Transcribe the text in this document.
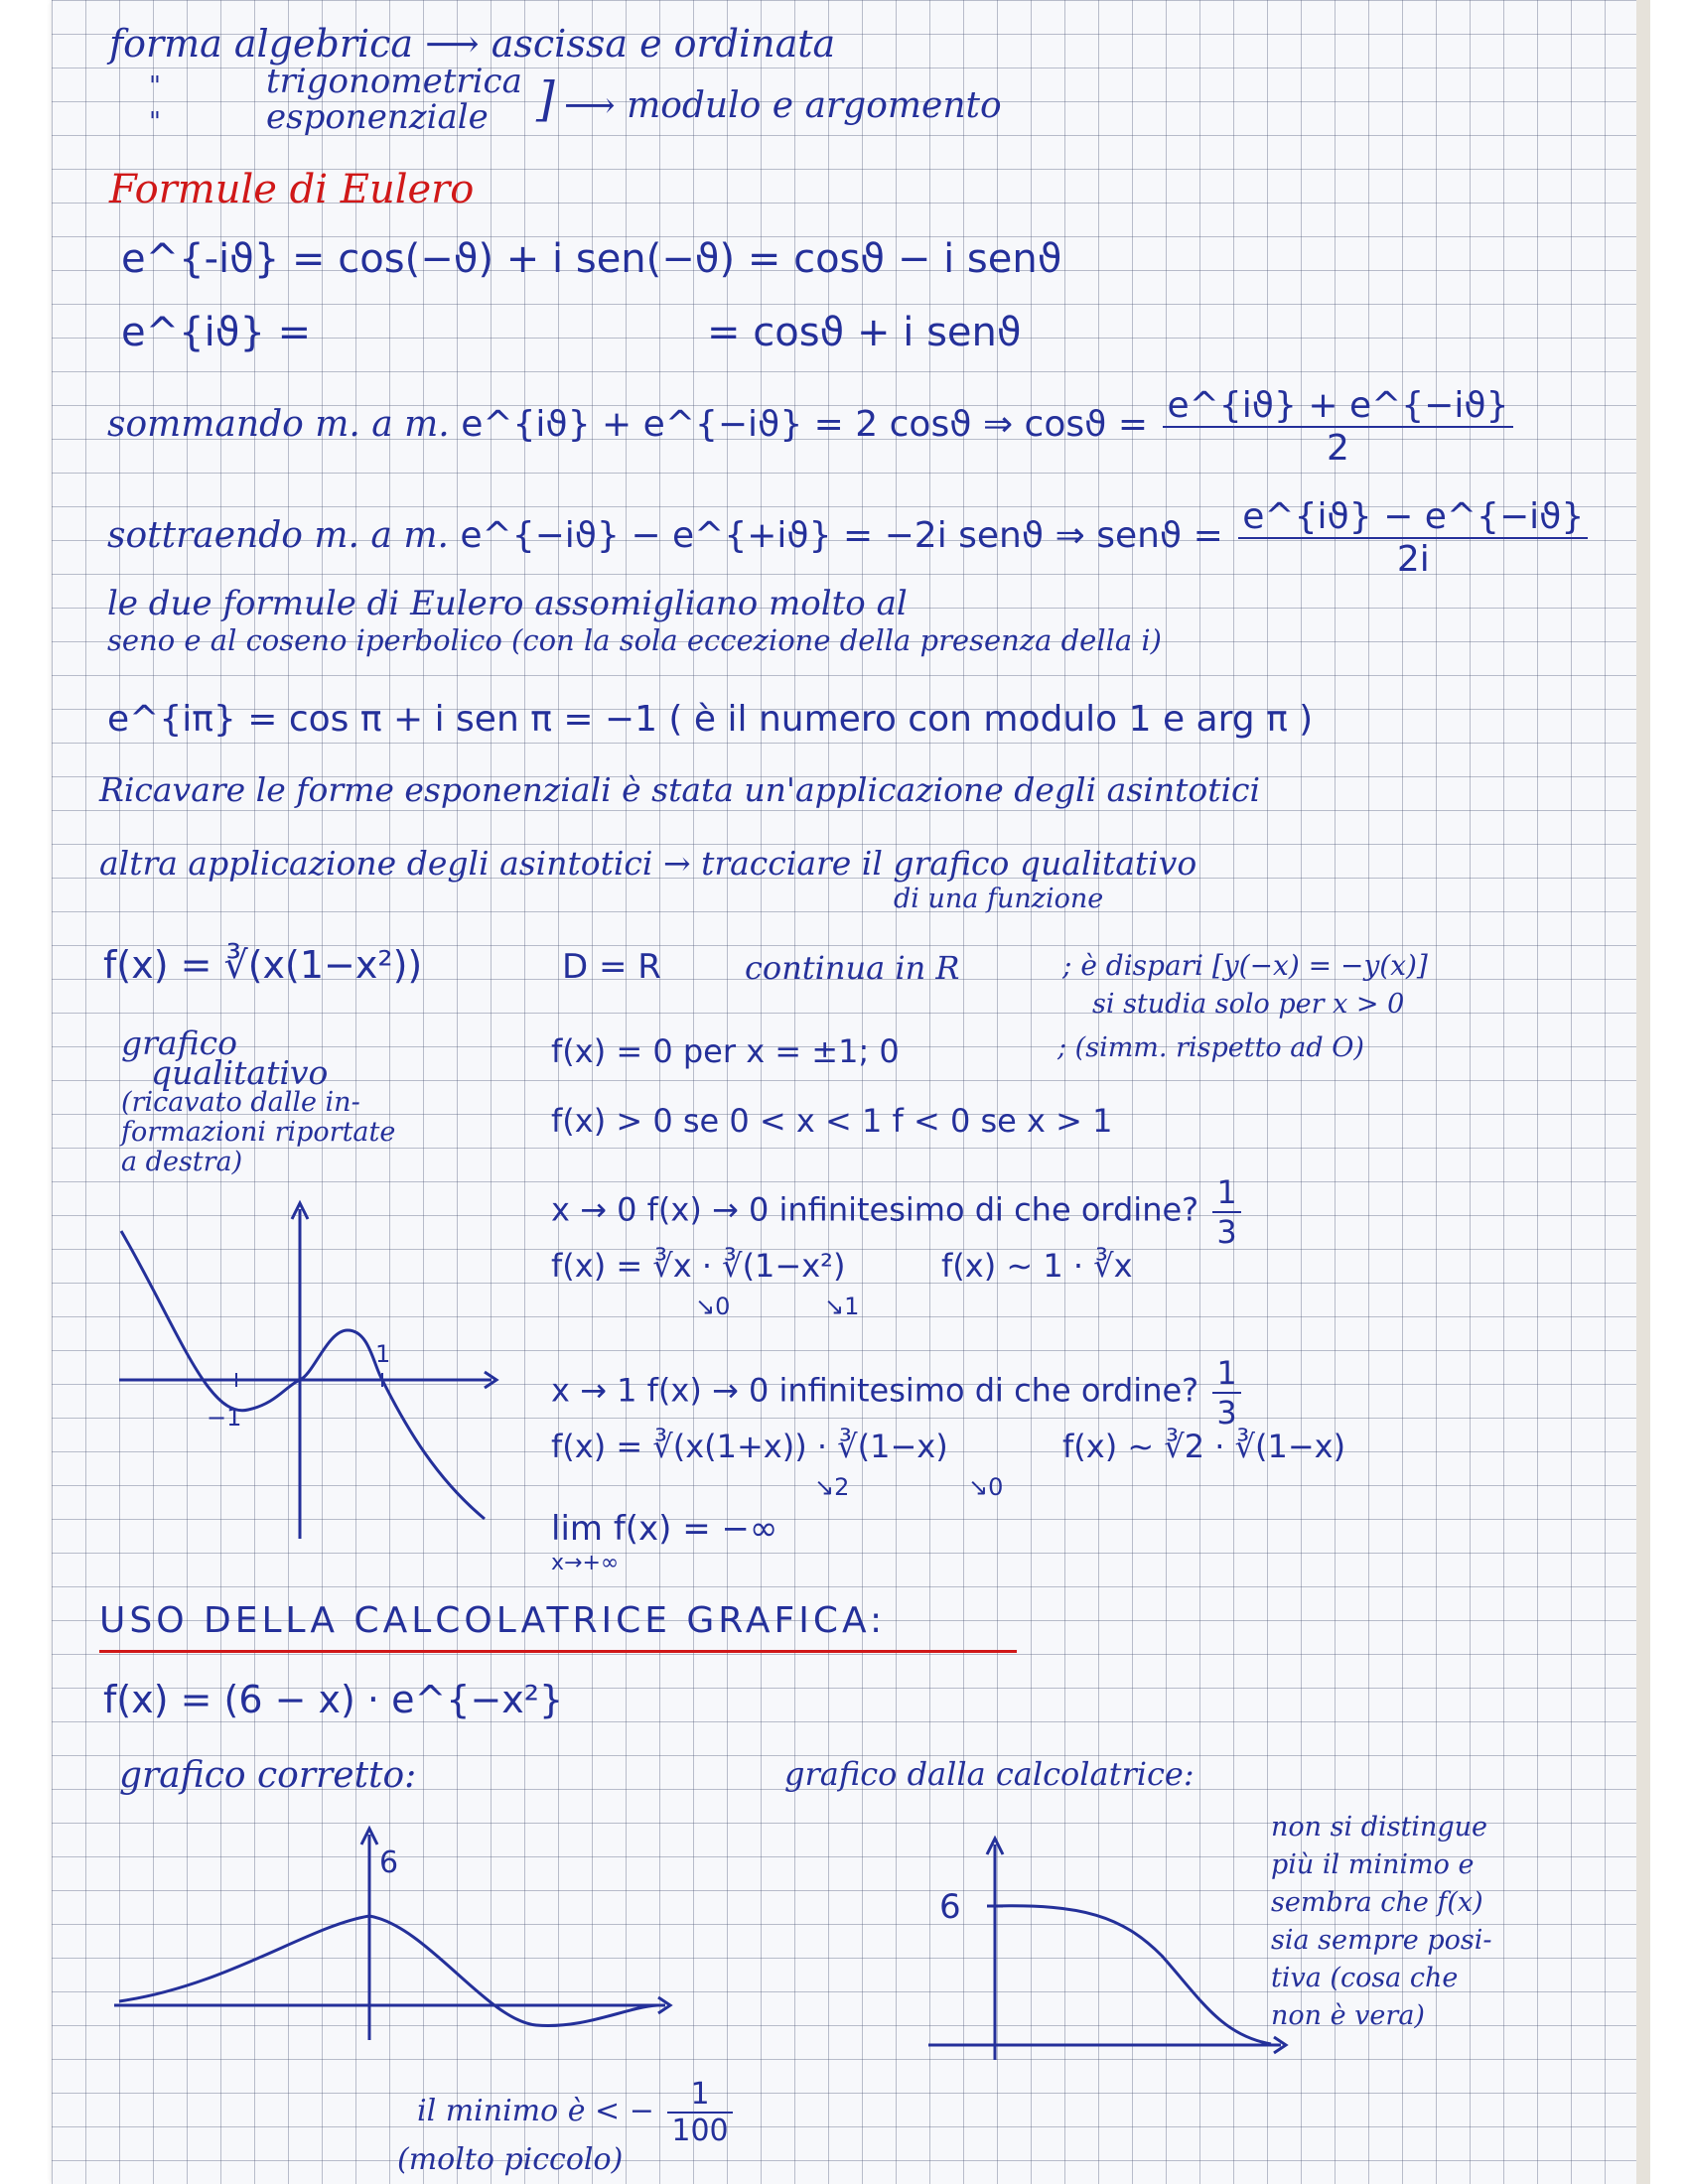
forma algebrica ⟶ ascissa e ordinata
"
"
trigonometrica
esponenziale ] ⟶ modulo e argomento
Formule di Eulero
e^{-iϑ} = cos(−ϑ) + i sen(−ϑ) = cosϑ − i senϑ
e^{iϑ} =	= cosϑ + i senϑ
sommando m. a m. e^{iϑ} + e^{−iϑ} = 2 cosϑ ⇒ $\cos ϑ = \frac{e\^{}\{iϑ\} + e\^{}\{-iϑ\}}{2}$
sottraendo m. a m. e^{−iϑ} − e^{+iϑ} = −2i senϑ ⇒ $senϑ = \frac{e\^{}\{iϑ\} - e\^{}\{-iϑ\}}{2i}$
le due formule di Eulero assomigliano molto al
seno e al coseno iperbolico (con la sola eccezione della presenza della i)
e^{iπ} = cos π + i sen π = −1 ( è il numero con modulo 1 e arg π )
Ricavare le forme esponenziali è stata un'applicazione degli asintotici
altra applicazione degli asintotici → tracciare il grafico qualitativo
di una funzione
f(x) = ∛(x(1−x²))	D = R	continua in R	; è dispari [y(−x) = −y(x)]
si studia solo per x > 0
grafico
qualitativo
(ricavato dalle in-
formazioni riportate
a destra)
f(x) = 0 per x = ±1; 0	; (simm. rispetto ad O)
f(x) > 0 se 0 < x < 1 f < 0 se x > 1
x → 0 f(x) → 0 infinitesimo di che ordine? $\frac{1}{3}$
f(x) = ∛x · ∛(1−x²)	f(x) ∼ 1 · ∛x
↘0	↘1
x → 1 f(x) → 0 infinitesimo di che ordine? $\frac{1}{3}$
f(x) = ∛(x(1+x)) · ∛(1−x)	f(x) ∼ ∛2 · ∛(1−x)
↘2	↘0
lim f(x) = −∞
x→+∞
−1
1
USO DELLA CALCOLATRICE GRAFICA:
f(x) = (6 − x) · e^{−x²}
grafico corretto:	grafico dalla calcolatrice:
6
il minimo è < − $\frac{1}{100}$
(molto piccolo)
6
non si distingue
più il minimo e
sembra che f(x)
sia sempre posi-
tiva (cosa che
non è vera)
